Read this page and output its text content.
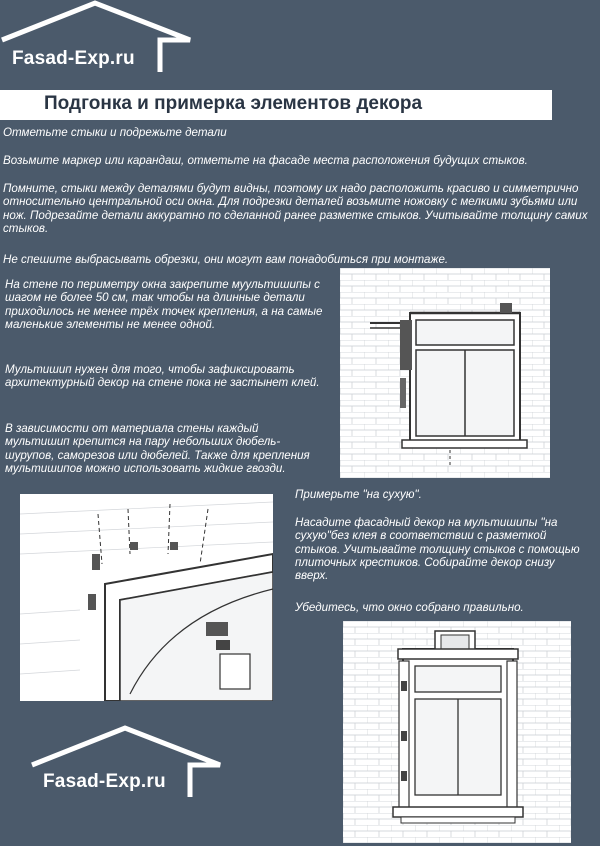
Fasad-Exp.ru
Подгонка и примерка элементов декора
Отметьте стыки и подрежьте детали
Возьмите маркер или карандаш, отметьте на фасаде места расположения будущих стыков.
Помните, стыки между деталями будут видны, поэтому их надо расположить красиво и симметрично относительно центральной оси окна. Для подрезки деталей возьмите ножовку с мелкими зубьями или нож. Подрезайте детали аккуратно по сделанной ранее разметке стыков. Учитывайте толщину самих стыков.
Не спешите выбрасывать обрезки, они могут вам понадобиться при монтаже.
На стене по периметру окна закрепите муультишипы с шагом не более 50 см, так чтобы на длинные детали приходилось не менее трёх точек крепления, а на самые маленькие элементы не менее одной.
Мультишип нужен для того, чтобы зафиксировать архитектурный декор на стене пока не застынет клей.
В зависимости от материала стены каждый мультишип крепится на пару небольших дюбель-шурупов, саморезов или дюбелей. Также для крепления мультишипов можно использовать жидкие гвозди.
Примерьте "на сухую".
Насадите фасадный декор на мультишипы "на сухую"без клея в соответствии с разметкой стыков. Учитывайте толщину стыков с помощью плиточных крестиков. Собирайте декор снизу вверх.
Убедитесь, что окно собрано правильно.
Fasad-Exp.ru
